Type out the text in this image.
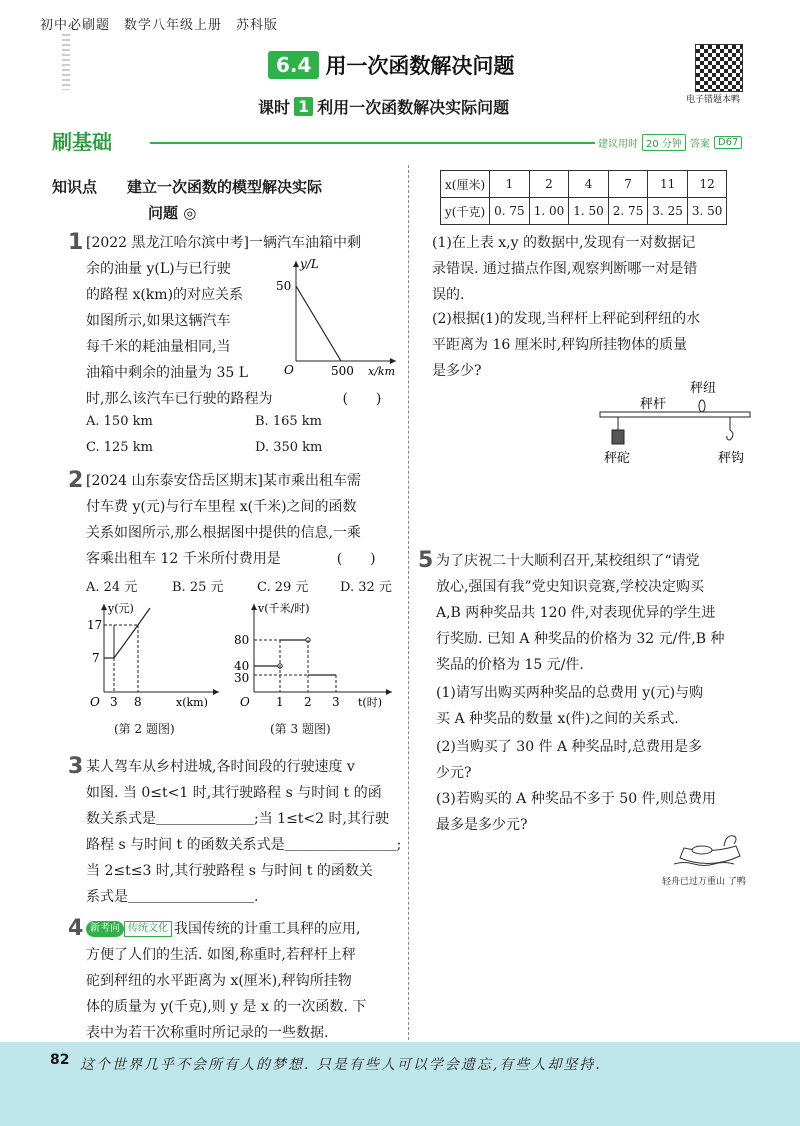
初中必刷题　数学八年级上册　苏科版
6.4 用一次函数解决问题
电子错题本鸭
课时 1 利用一次函数解决实际问题
刷基础	建议用时 20 分钟 答案 D67
知识点　　 建立一次函数的模型解决实际
问题 ◎
1 [2022 黑龙江哈尔滨中考]一辆汽车油箱中剩
余的油量 y(L)与已行驶
的路程 x(km)的对应关系
如图所示,如果这辆汽车
每千米的耗油量相同,当
油箱中剩余的油量为 35 L
时,那么该汽车已行驶的路程为　　　　　(　　)
50
500
O
y/L
x/km
A. 150 km	B. 165 km
C. 125 km	D. 350 km
2 [2024 山东泰安岱岳区期末]某市乘出租车需
付车费 y(元)与行车里程 x(千米)之间的函数
关系如图所示,那么根据图中提供的信息,一乘
客乘出租车 12 千米所付费用是　　　　(　　)
A. 24 元	B. 25 元	C. 29 元 D. 32 元
17
7
3 8
O
y(元)
x(km)
(第 2 题图)
80
40
30
1 2 3
O
v(千米/时)
t(时)
(第 3 题图)
3 某人驾车从乡村进城,各时间段的行驶速度 v
如图. 当 0≤t<1 时,其行驶路程 s 与时间 t 的函
数关系式是＿＿＿＿＿＿＿;当 1≤t<2 时,其行驶
路程 s 与时间 t 的函数关系式是＿＿＿＿＿＿＿＿;
当 2≤t≤3 时,其行驶路程 s 与时间 t 的函数关
系式是＿＿＿＿＿＿＿＿＿.
4 新考向 传统文化 我国传统的计重工具秤的应用,
方便了人们的生活. 如图,称重时,若秤杆上秤
砣到秤纽的水平距离为 x(厘米),秤钩所挂物
体的质量为 y(千克),则 y 是 x 的一次函数. 下
表中为若干次称重时所记录的一些数据.
x(厘米)	1	2	4	7	11	12
y(千克)	0. 75	1. 00	1. 50	2. 75	3. 25	3. 50
(1)在上表 x,y 的数据中,发现有一对数据记
录错误. 通过描点作图,观察判断哪一对是错
误的.
(2)根据(1)的发现,当秤杆上秤砣到秤纽的水
平距离为 16 厘米时,秤钩所挂物体的质量
是多少?
秤纽
秤杆
秤砣	秤钩
5 为了庆祝二十大顺利召开,某校组织了“请党
放心,强国有我”党史知识竞赛,学校决定购买
A,B 两种奖品共 120 件,对表现优异的学生进
行奖励. 已知 A 种奖品的价格为 32 元/件,B 种
奖品的价格为 15 元/件.
(1)请写出购买两种奖品的总费用 y(元)与购
买 A 种奖品的数量 x(件)之间的关系式.
(2)当购买了 30 件 A 种奖品时,总费用是多
少元?
(3)若购买的 A 种奖品不多于 50 件,则总费用
最多是多少元?
轻舟已过万重山 了鸭
82 这个世界几乎不会所有人的梦想. 只是有些人可以学会遗忘,有些人却坚持.
